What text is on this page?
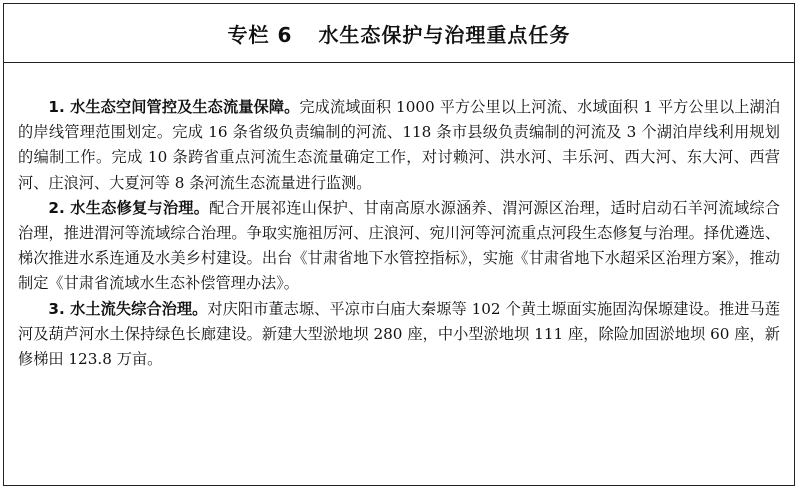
专栏 6 水生态保护与治理重点任务

1. 水生态空间管控及生态流量保障。完成流域面积 1000 平方公里以上河流、水域面积 1 平方公里以上湖泊的岸线管理范围划定。完成 16 条省级负责编制的河流、118 条市县级负责编制的河流及 3 个湖泊岸线利用规划的编制工作。完成 10 条跨省重点河流生态流量确定工作，对讨赖河、洪水河、丰乐河、西大河、东大河、西营河、庄浪河、大夏河等 8 条河流生态流量进行监测。

2. 水生态修复与治理。配合开展祁连山保护、甘南高原水源涵养、渭河源区治理，适时启动石羊河流域综合治理，推进渭河等流域综合治理。争取实施祖厉河、庄浪河、宛川河等河流重点河段生态修复与治理。择优遴选、梯次推进水系连通及水美乡村建设。出台《甘肃省地下水管控指标》，实施《甘肃省地下水超采区治理方案》，推动制定《甘肃省流域水生态补偿管理办法》。

3. 水土流失综合治理。对庆阳市董志塬、平凉市白庙大秦塬等 102 个黄土塬面实施固沟保塬建设。推进马莲河及葫芦河水土保持绿色长廊建设。新建大型淤地坝 280 座，中小型淤地坝 111 座，除险加固淤地坝 60 座，新修梯田 123.8 万亩。
